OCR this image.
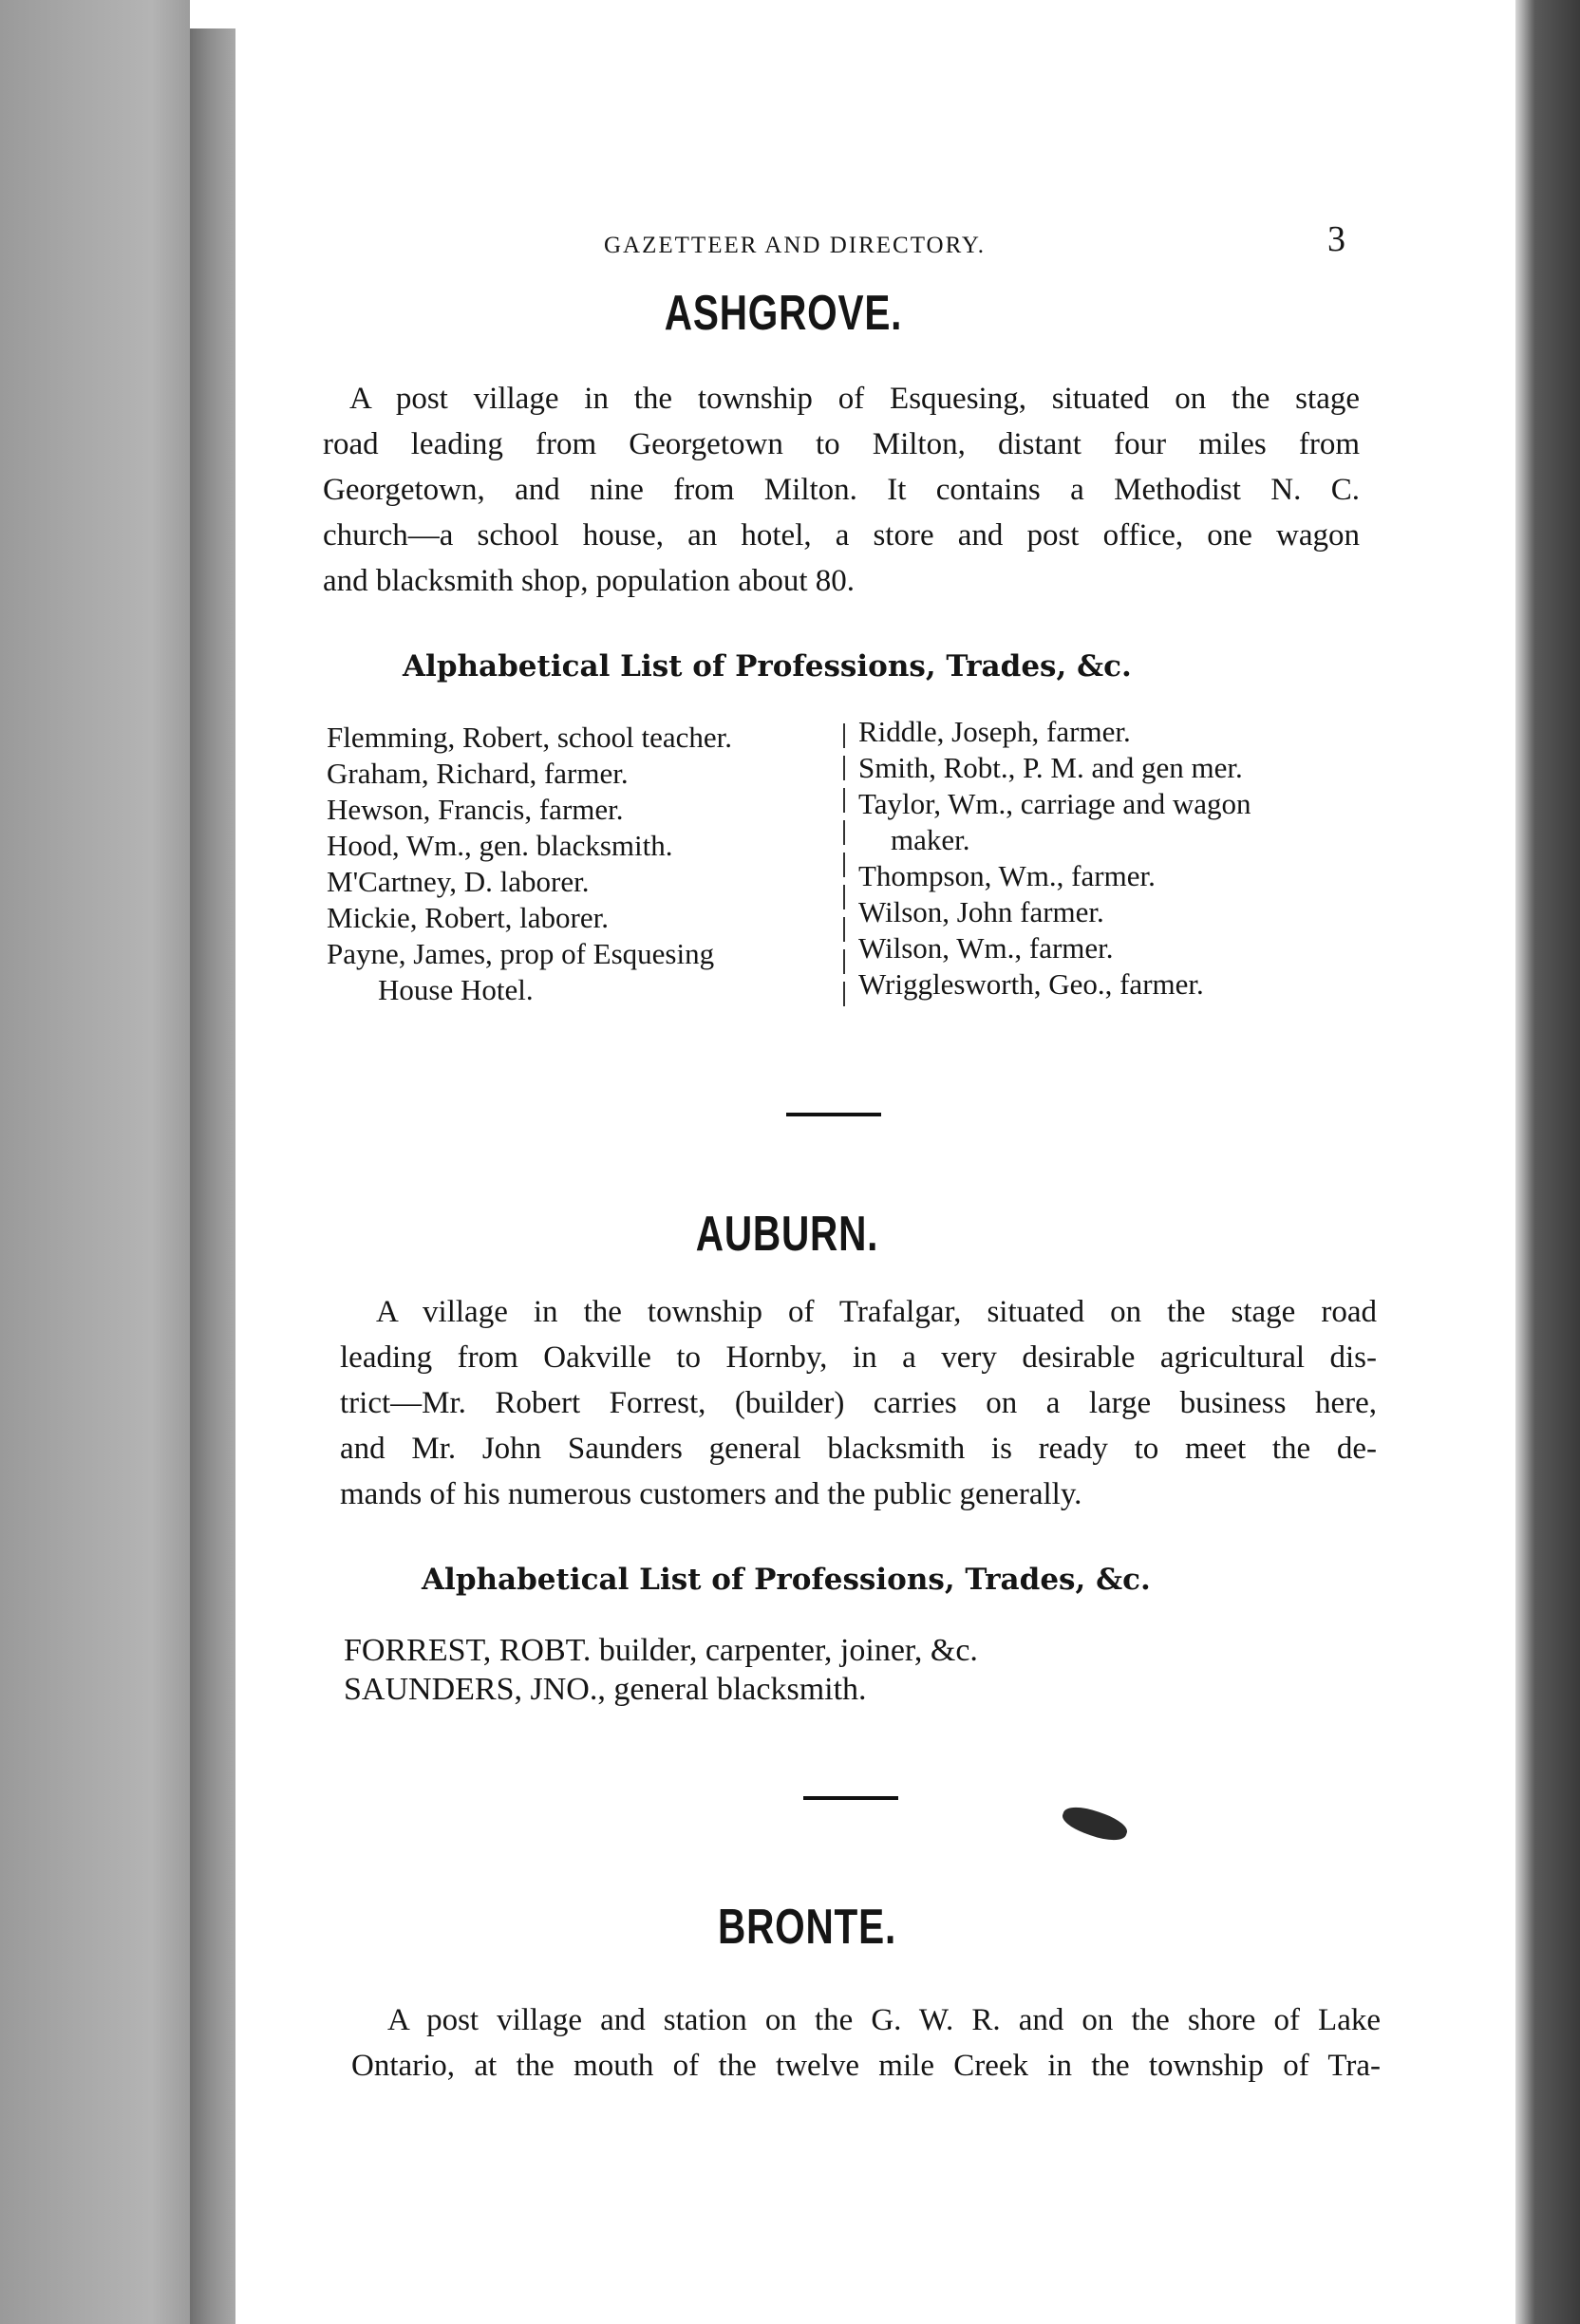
GAZETTEER AND DIRECTORY.	3
ASHGROVE.
A post village in the township of Esquesing, situated on the stage
road leading from Georgetown to Milton, distant four miles from
Georgetown, and nine from Milton. It contains a Methodist N. C.
church—a school house, an hotel, a store and post office, one wagon
and blacksmith shop, population about 80.
Alphabetical List of Professions, Trades, &c.
Flemming, Robert, school teacher.
Graham, Richard, farmer.
Hewson, Francis, farmer.
Hood, Wm., gen. blacksmith.
M'Cartney, D. laborer.
Mickie, Robert, laborer.
Payne, James, prop of Esquesing
House Hotel.
Riddle, Joseph, farmer.
Smith, Robt., P. M. and gen mer.
Taylor, Wm., carriage and wagon
maker.
Thompson, Wm., farmer.
Wilson, John farmer.
Wilson, Wm., farmer.
Wrigglesworth, Geo., farmer.
AUBURN.
A village in the township of Trafalgar, situated on the stage road
leading from Oakville to Hornby, in a very desirable agricultural dis-
trict—Mr. Robert Forrest, (builder) carries on a large business here,
and Mr. John Saunders general blacksmith is ready to meet the de-
mands of his numerous customers and the public generally.
Alphabetical List of Professions, Trades, &c.
FORREST, ROBT. builder, carpenter, joiner, &c.
SAUNDERS, JNO., general blacksmith.
BRONTE.
A post village and station on the G. W. R. and on the shore of Lake
Ontario, at the mouth of the twelve mile Creek in the township of Tra-
